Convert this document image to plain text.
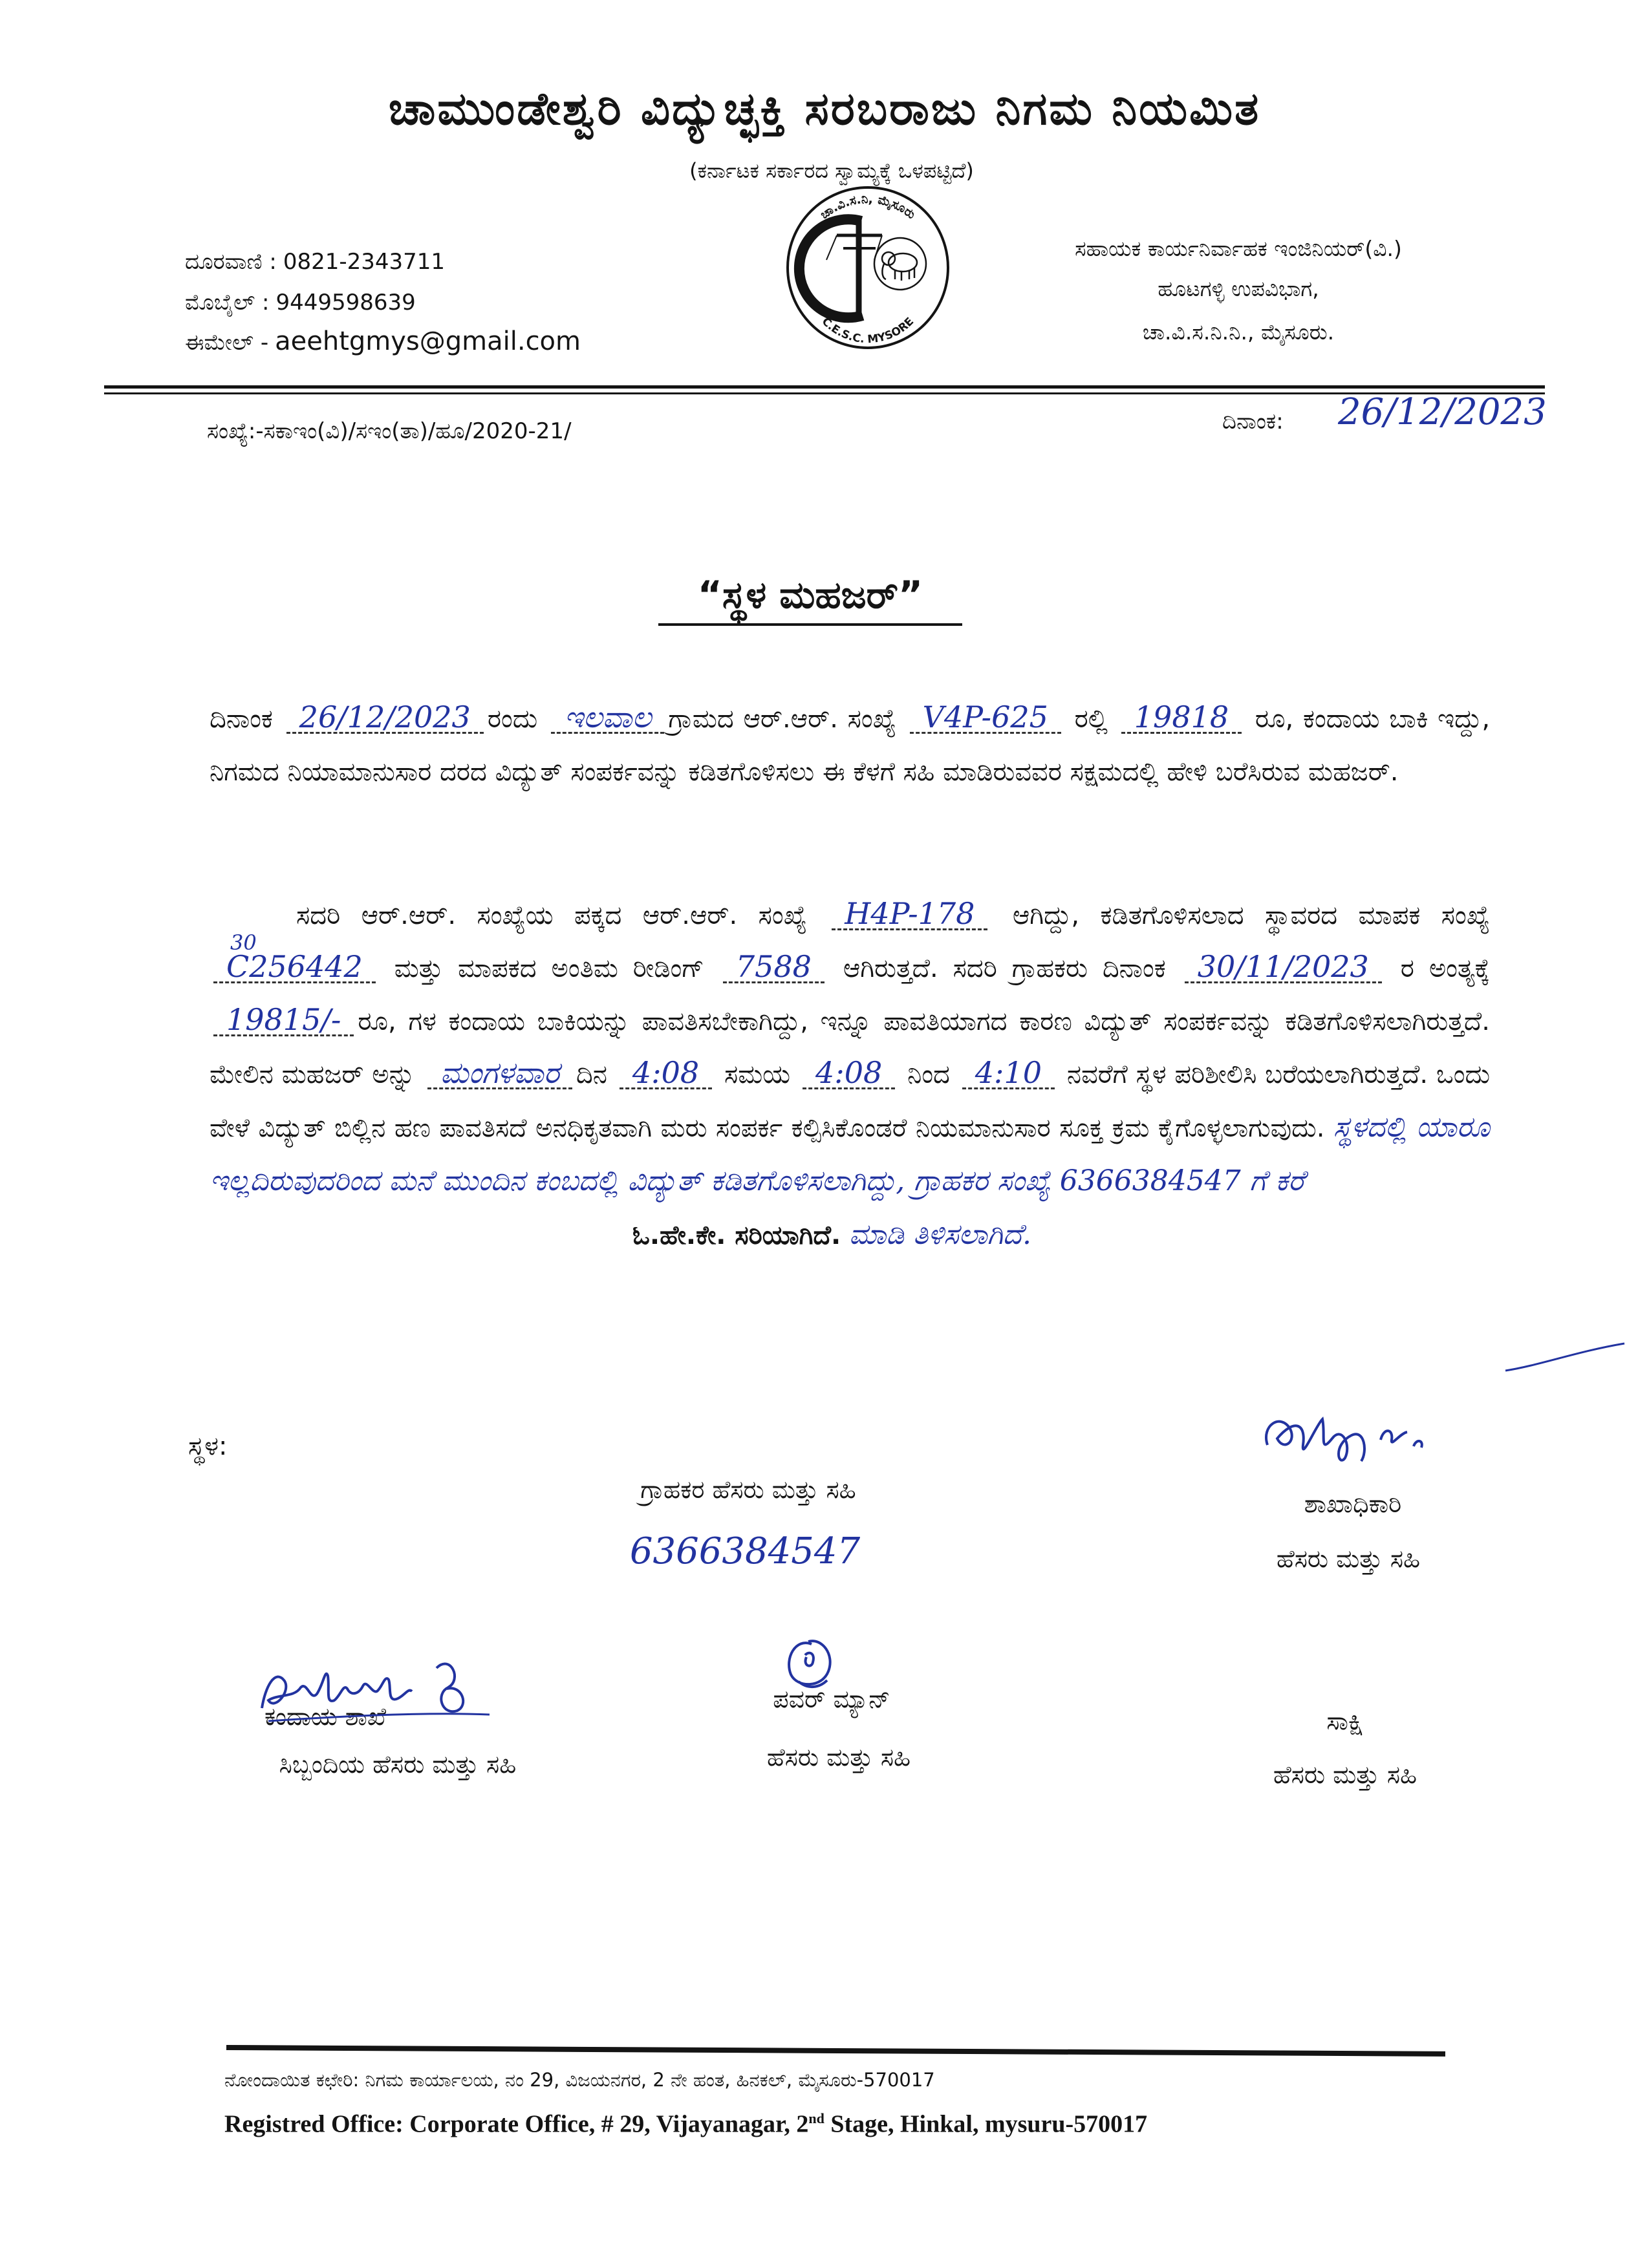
ಚಾಮುಂಡೇಶ್ವರಿ ವಿದ್ಯುಚ್ಛಕ್ತಿ ಸರಬರಾಜು ನಿಗಮ ನಿಯಮಿತ
(ಕರ್ನಾಟಕ ಸರ್ಕಾರದ ಸ್ವಾಮ್ಯಕ್ಕೆ ಒಳಪಟ್ಟಿದೆ)
ದೂರವಾಣಿ : 0821-2343711
ಮೊಬೈಲ್ : 9449598639
ಈಮೇಲ್ - aeehtgmys@gmail.com
ಚಾ.ವಿ.ಸ.ನಿ, ಮೈಸೂರು
C.E.S.C. MYSORE
ಸಹಾಯಕ ಕಾರ್ಯನಿರ್ವಾಹಕ ಇಂಜಿನಿಯರ್(ವಿ.)
ಹೂಟಗಳ್ಳಿ ಉಪವಿಭಾಗ,
ಚಾ.ವಿ.ಸ.ನಿ.ನಿ., ಮೈಸೂರು.
ಸಂಖ್ಯೆ:-ಸಕಾಇಂ(ವಿ)/ಸಇಂ(ತಾ)/ಹೂ/2020-21/	ದಿನಾಂಕ: 26/12/2023
“ಸ್ಥಳ ಮಹಜರ್”
ದಿನಾಂಕ 26/12/2023 ರಂದು ಇಲವಾಲ ಗ್ರಾಮದ ಆರ್.ಆರ್. ಸಂಖ್ಯೆ V4P-625 ರಲ್ಲಿ 19818 ರೂ, ಕಂದಾಯ ಬಾಕಿ ಇದ್ದು, ನಿಗಮದ ನಿಯಾಮಾನುಸಾರ ದರದ ವಿದ್ಯುತ್ ಸಂಪರ್ಕವನ್ನು ಕಡಿತಗೊಳಿಸಲು ಈ ಕೆಳಗೆ ಸಹಿ ಮಾಡಿರುವವರ ಸಕ್ಷಮದಲ್ಲಿ ಹೇಳಿ ಬರೆಸಿರುವ ಮಹಜರ್.
ಸದರಿ ಆರ್.ಆರ್. ಸಂಖ್ಯೆಯ ಪಕ್ಕದ ಆರ್.ಆರ್. ಸಂಖ್ಯೆ H4P-178 ಆಗಿದ್ದು, ಕಡಿತಗೊಳಿಸಲಾದ ಸ್ಥಾವರದ ಮಾಪಕ ಸಂಖ್ಯೆ
30
C256442 ಮತ್ತು ಮಾಪಕದ ಅಂತಿಮ ರೀಡಿಂಗ್ 7588 ಆಗಿರುತ್ತದೆ. ಸದರಿ ಗ್ರಾಹಕರು ದಿನಾಂಕ 30/11/2023 ರ ಅಂತ್ಯಕ್ಕೆ 19815/- ರೂ, ಗಳ ಕಂದಾಯ ಬಾಕಿಯನ್ನು ಪಾವತಿಸಬೇಕಾಗಿದ್ದು, ಇನ್ನೂ ಪಾವತಿಯಾಗದ ಕಾರಣ ವಿದ್ಯುತ್ ಸಂಪರ್ಕವನ್ನು ಕಡಿತಗೊಳಿಸಲಾಗಿರುತ್ತದೆ. ಮೇಲಿನ ಮಹಜರ್ ಅನ್ನು ಮಂಗಳವಾರ ದಿನ 4:08 ಸಮಯ 4:08 ನಿಂದ 4:10 ನವರೆಗೆ ಸ್ಥಳ ಪರಿಶೀಲಿಸಿ ಬರೆಯಲಾಗಿರುತ್ತದೆ. ಒಂದು ವೇಳೆ ವಿದ್ಯುತ್ ಬಿಲ್ಲಿನ ಹಣ ಪಾವತಿಸದೆ ಅನಧಿಕೃತವಾಗಿ ಮರು ಸಂಪರ್ಕ ಕಲ್ಪಿಸಿಕೊಂಡರೆ ನಿಯಮಾನುಸಾರ ಸೂಕ್ತ ಕ್ರಮ ಕೈಗೊಳ್ಳಲಾಗುವುದು. ಸ್ಥಳದಲ್ಲಿ ಯಾರೂ ಇಲ್ಲದಿರುವುದರಿಂದ ಮನೆ ಮುಂದಿನ ಕಂಬದಲ್ಲಿ ವಿದ್ಯುತ್ ಕಡಿತಗೊಳಿಸಲಾಗಿದ್ದು, ಗ್ರಾಹಕರ ಸಂಖ್ಯೆ 6366384547 ಗೆ ಕರೆ
ಓ.ಹೇ.ಕೇ. ಸರಿಯಾಗಿದೆ. ಮಾಡಿ ತಿಳಿಸಲಾಗಿದೆ.
ಸ್ಥಳ:
ಗ್ರಾಹಕರ ಹೆಸರು ಮತ್ತು ಸಹಿ
6366384547
ಶಾಖಾಧಿಕಾರಿ
ಹೆಸರು ಮತ್ತು ಸಹಿ
ಕಂದಾಯ ಶಾಖೆ
ಸಿಬ್ಬಂದಿಯ ಹೆಸರು ಮತ್ತು ಸಹಿ
ಪವರ್ ಮ್ಯಾನ್
ಹೆಸರು ಮತ್ತು ಸಹಿ
ಸಾಕ್ಷಿ
ಹೆಸರು ಮತ್ತು ಸಹಿ
ನೋಂದಾಯಿತ ಕಛೇರಿ: ನಿಗಮ ಕಾರ್ಯಾಲಯ, ನಂ 29, ವಿಜಯನಗರ, 2 ನೇ ಹಂತ, ಹಿನಕಲ್, ಮೈಸೂರು-570017
Registred Office: Corporate Office, # 29, Vijayanagar, 2nd Stage, Hinkal, mysuru-570017
